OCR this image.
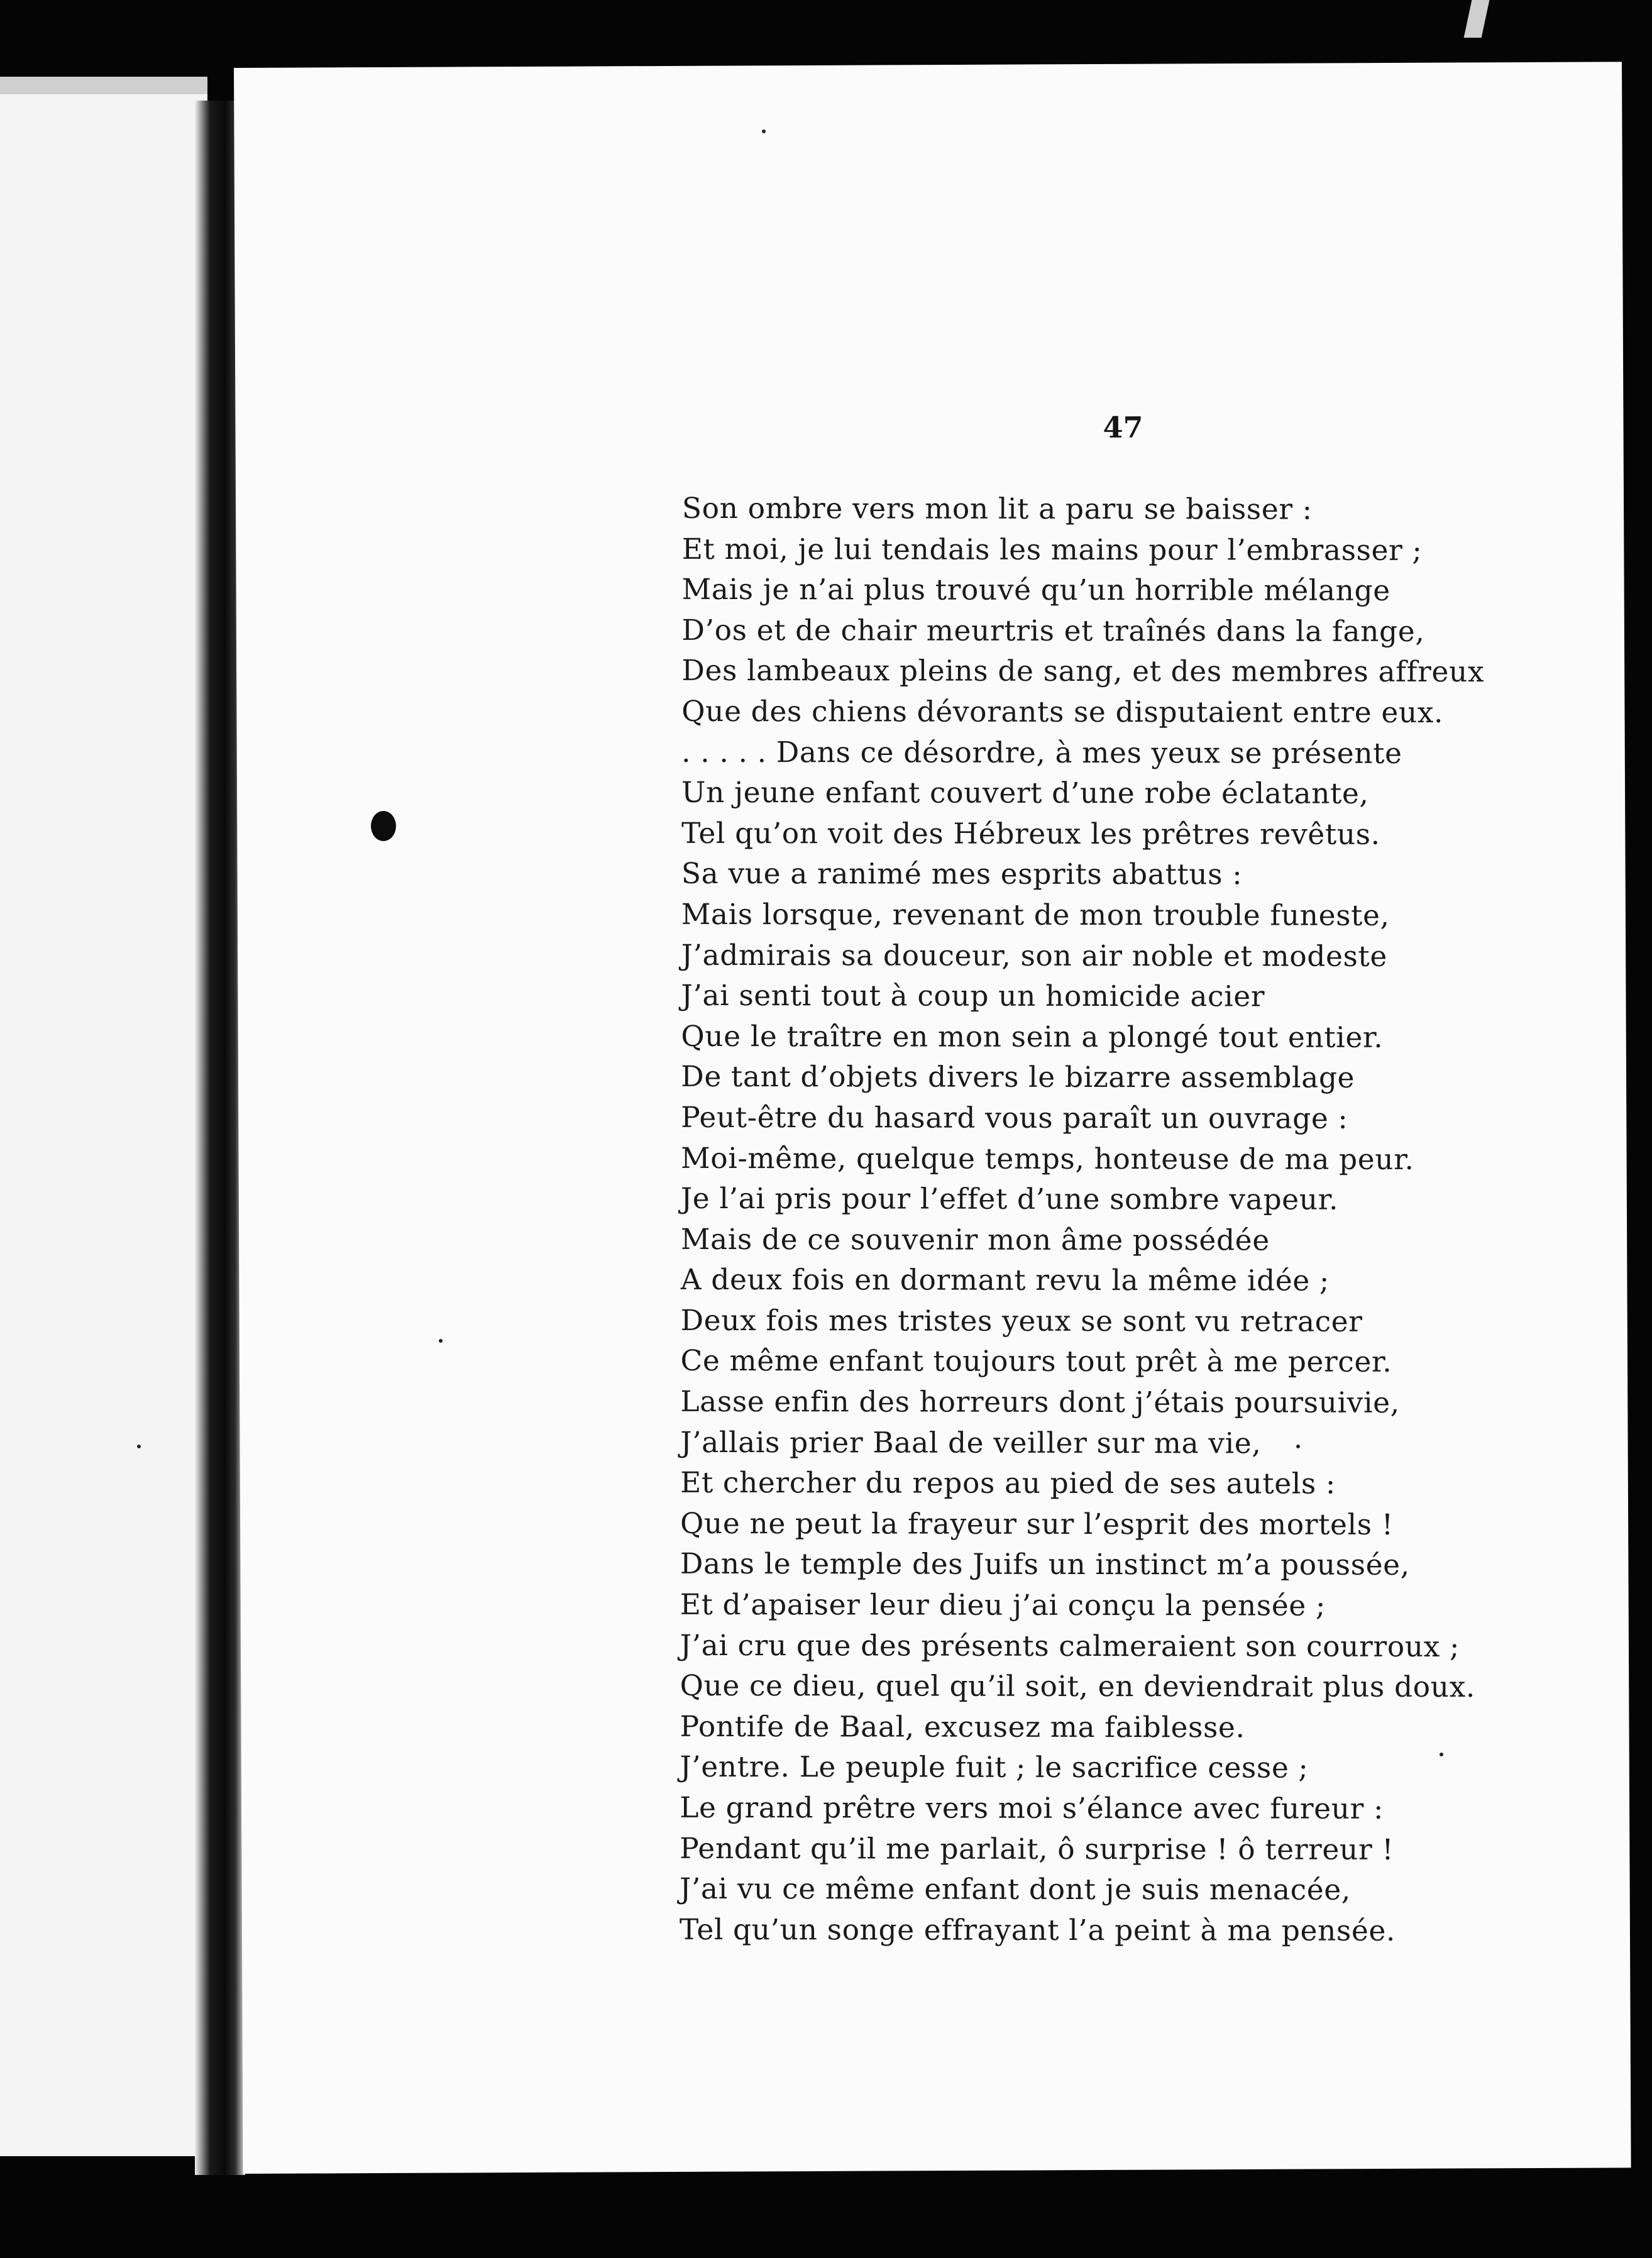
47
Son ombre vers mon lit a paru se baisser :
Et moi, je lui tendais les mains pour l’embrasser ;
Mais je n’ai plus trouvé qu’un horrible mélange
D’os et de chair meurtris et traînés dans la fange,
Des lambeaux pleins de sang, et des membres affreux
Que des chiens dévorants se disputaient entre eux.
. . . . . Dans ce désordre, à mes yeux se présente
Un jeune enfant couvert d’une robe éclatante,
Tel qu’on voit des Hébreux les prêtres revêtus.
Sa vue a ranimé mes esprits abattus :
Mais lorsque, revenant de mon trouble funeste,
J’admirais sa douceur, son air noble et modeste
J’ai senti tout à coup un homicide acier
Que le traître en mon sein a plongé tout entier.
De tant d’objets divers le bizarre assemblage
Peut-être du hasard vous paraît un ouvrage :
Moi-même, quelque temps, honteuse de ma peur.
Je l’ai pris pour l’effet d’une sombre vapeur.
Mais de ce souvenir mon âme possédée
A deux fois en dormant revu la même idée ;
Deux fois mes tristes yeux se sont vu retracer
Ce même enfant toujours tout prêt à me percer.
Lasse enfin des horreurs dont j’étais poursuivie,
J’allais prier Baal de veiller sur ma vie,
Et chercher du repos au pied de ses autels :
Que ne peut la frayeur sur l’esprit des mortels !
Dans le temple des Juifs un instinct m’a poussée,
Et d’apaiser leur dieu j’ai conçu la pensée ;
J’ai cru que des présents calmeraient son courroux ;
Que ce dieu, quel qu’il soit, en deviendrait plus doux.
Pontife de Baal, excusez ma faiblesse.
J’entre. Le peuple fuit ; le sacrifice cesse ;
Le grand prêtre vers moi s’élance avec fureur :
Pendant qu’il me parlait, ô surprise ! ô terreur !
J’ai vu ce même enfant dont je suis menacée,
Tel qu’un songe effrayant l’a peint à ma pensée.
